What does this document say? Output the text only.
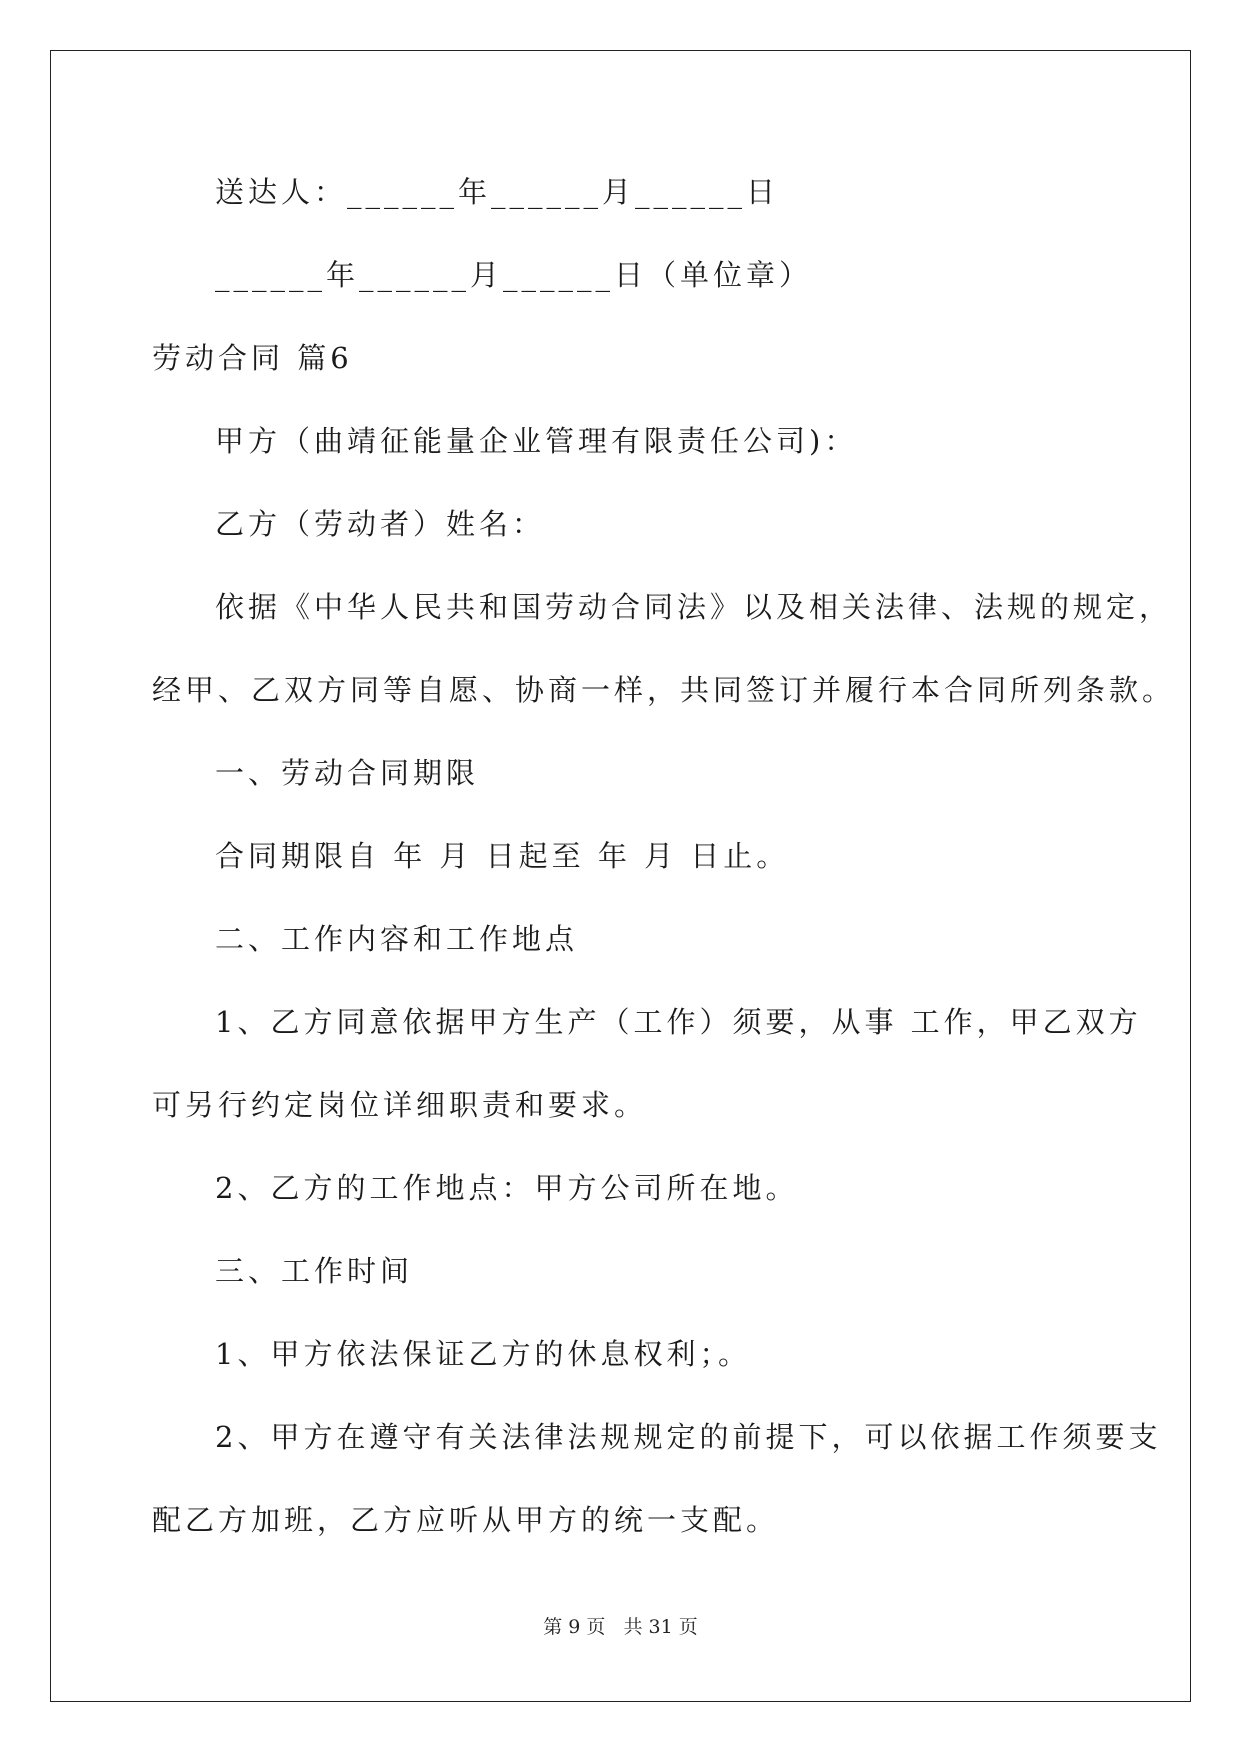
送达人：______年______月______日
______年______月______日（单位章）
劳动合同 篇6
甲方（曲靖征能量企业管理有限责任公司)：
乙方（劳动者）姓名：
依据《中华人民共和国劳动合同法》以及相关法律、法规的规定，
经甲、乙双方同等自愿、协商一样，共同签订并履行本合同所列条款。
一、劳动合同期限
合同期限自 年 月 日起至 年 月 日止。
二、工作内容和工作地点
1、乙方同意依据甲方生产（工作）须要，从事 工作，甲乙双方
可另行约定岗位详细职责和要求。
2、乙方的工作地点：甲方公司所在地。
三、工作时间
1、甲方依法保证乙方的休息权利；。
2、甲方在遵守有关法律法规规定的前提下，可以依据工作须要支
配乙方加班，乙方应听从甲方的统一支配。
第 9 页   共 31 页
